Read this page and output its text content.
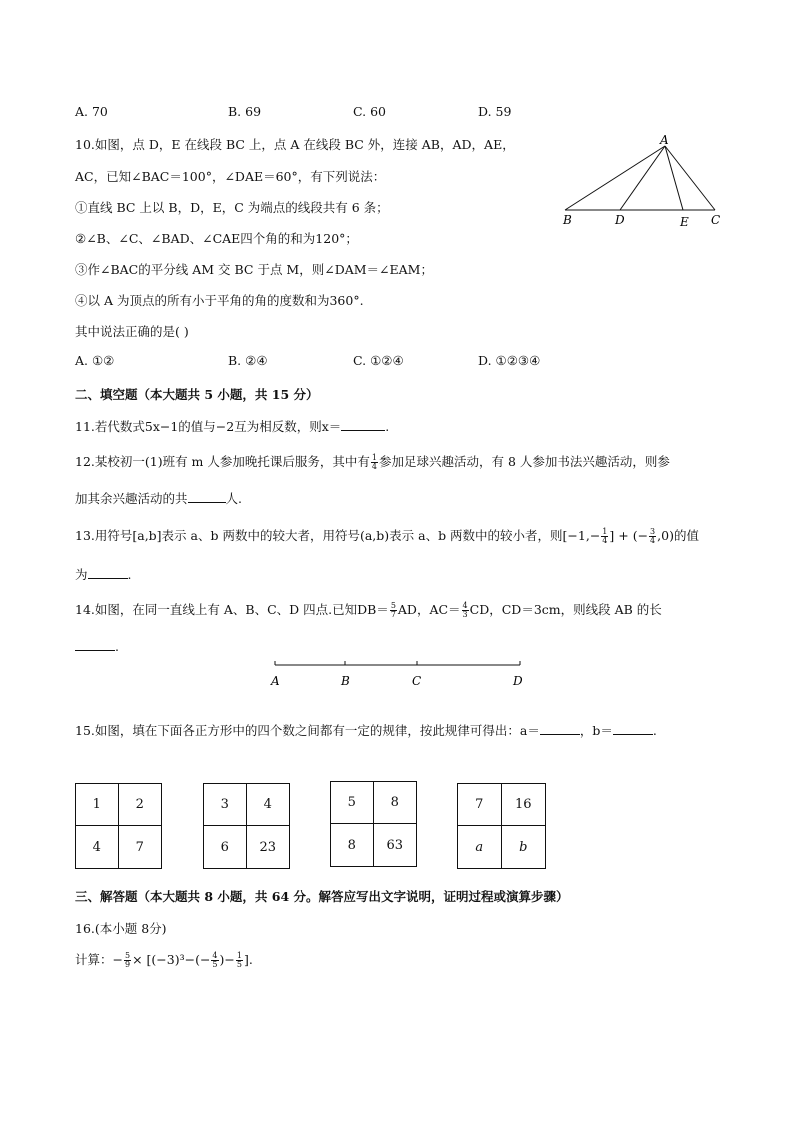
A. 70	B. 69	C. 60	D. 59
10.如图，点 D，E 在线段 BC 上，点 A 在线段 BC 外，连接 AB，AD，AE，
AC，已知∠BAC＝100°，∠DAE＝60°，有下列说法：
①直线 BC 上以 B，D，E，C 为端点的线段共有 6 条；
②∠B、∠C、∠BAD、∠CAE四个角的和为120°；
③作∠BAC的平分线 AM 交 BC 于点 M，则∠DAM＝∠EAM；
④以 A 为顶点的所有小于平角的角的度数和为360°.
其中说法正确的是( )
A. ①②	B. ②④	C. ①②④	D. ①②③④
A
B	D	E C
二、填空题（本大题共 5 小题，共 15 分）
11.若代数式5x−1的值与−2互为相反数，则x＝	.
12.某校初一(1)班有 m 人参加晚托课后服务，其中有 $\frac{1}{4}$ 参加足球兴趣活动，有 8 人参加书法兴趣活动，则参
加其余兴趣活动的共	人.
13.用符号[a,b]表示 a、b 两数中的较大者，用符号(a,b)表示 a、b 两数中的较小者，则[$-1,- \frac{1}{4}$ ] + (− $\frac{3}{4} ,0$)的值
为	.
14.如图，在同一直线上有 A、B、C、D 四点.已知$DB= \frac{5}{7}$ AD，$AC= \frac{4}{3}$ CD，CD＝3cm，则线段 AB 的长
.
A	B	C	D
15.如图，填在下面各正方形中的四个数之间都有一定的规律，按此规律可得出：a＝	，b＝	.
1	2
4	7
3	4
6	23
5	8
8	63
7	16
a	b
三、解答题（本大题共 8 小题，共 64 分。解答应写出文字说明，证明过程或演算步骤）
16.(本小题 8分)
计算：− $\frac{5}{9} \times [(-3)^3-(- \frac{4}{5}$ )− $\frac{1}{5}$ ].
